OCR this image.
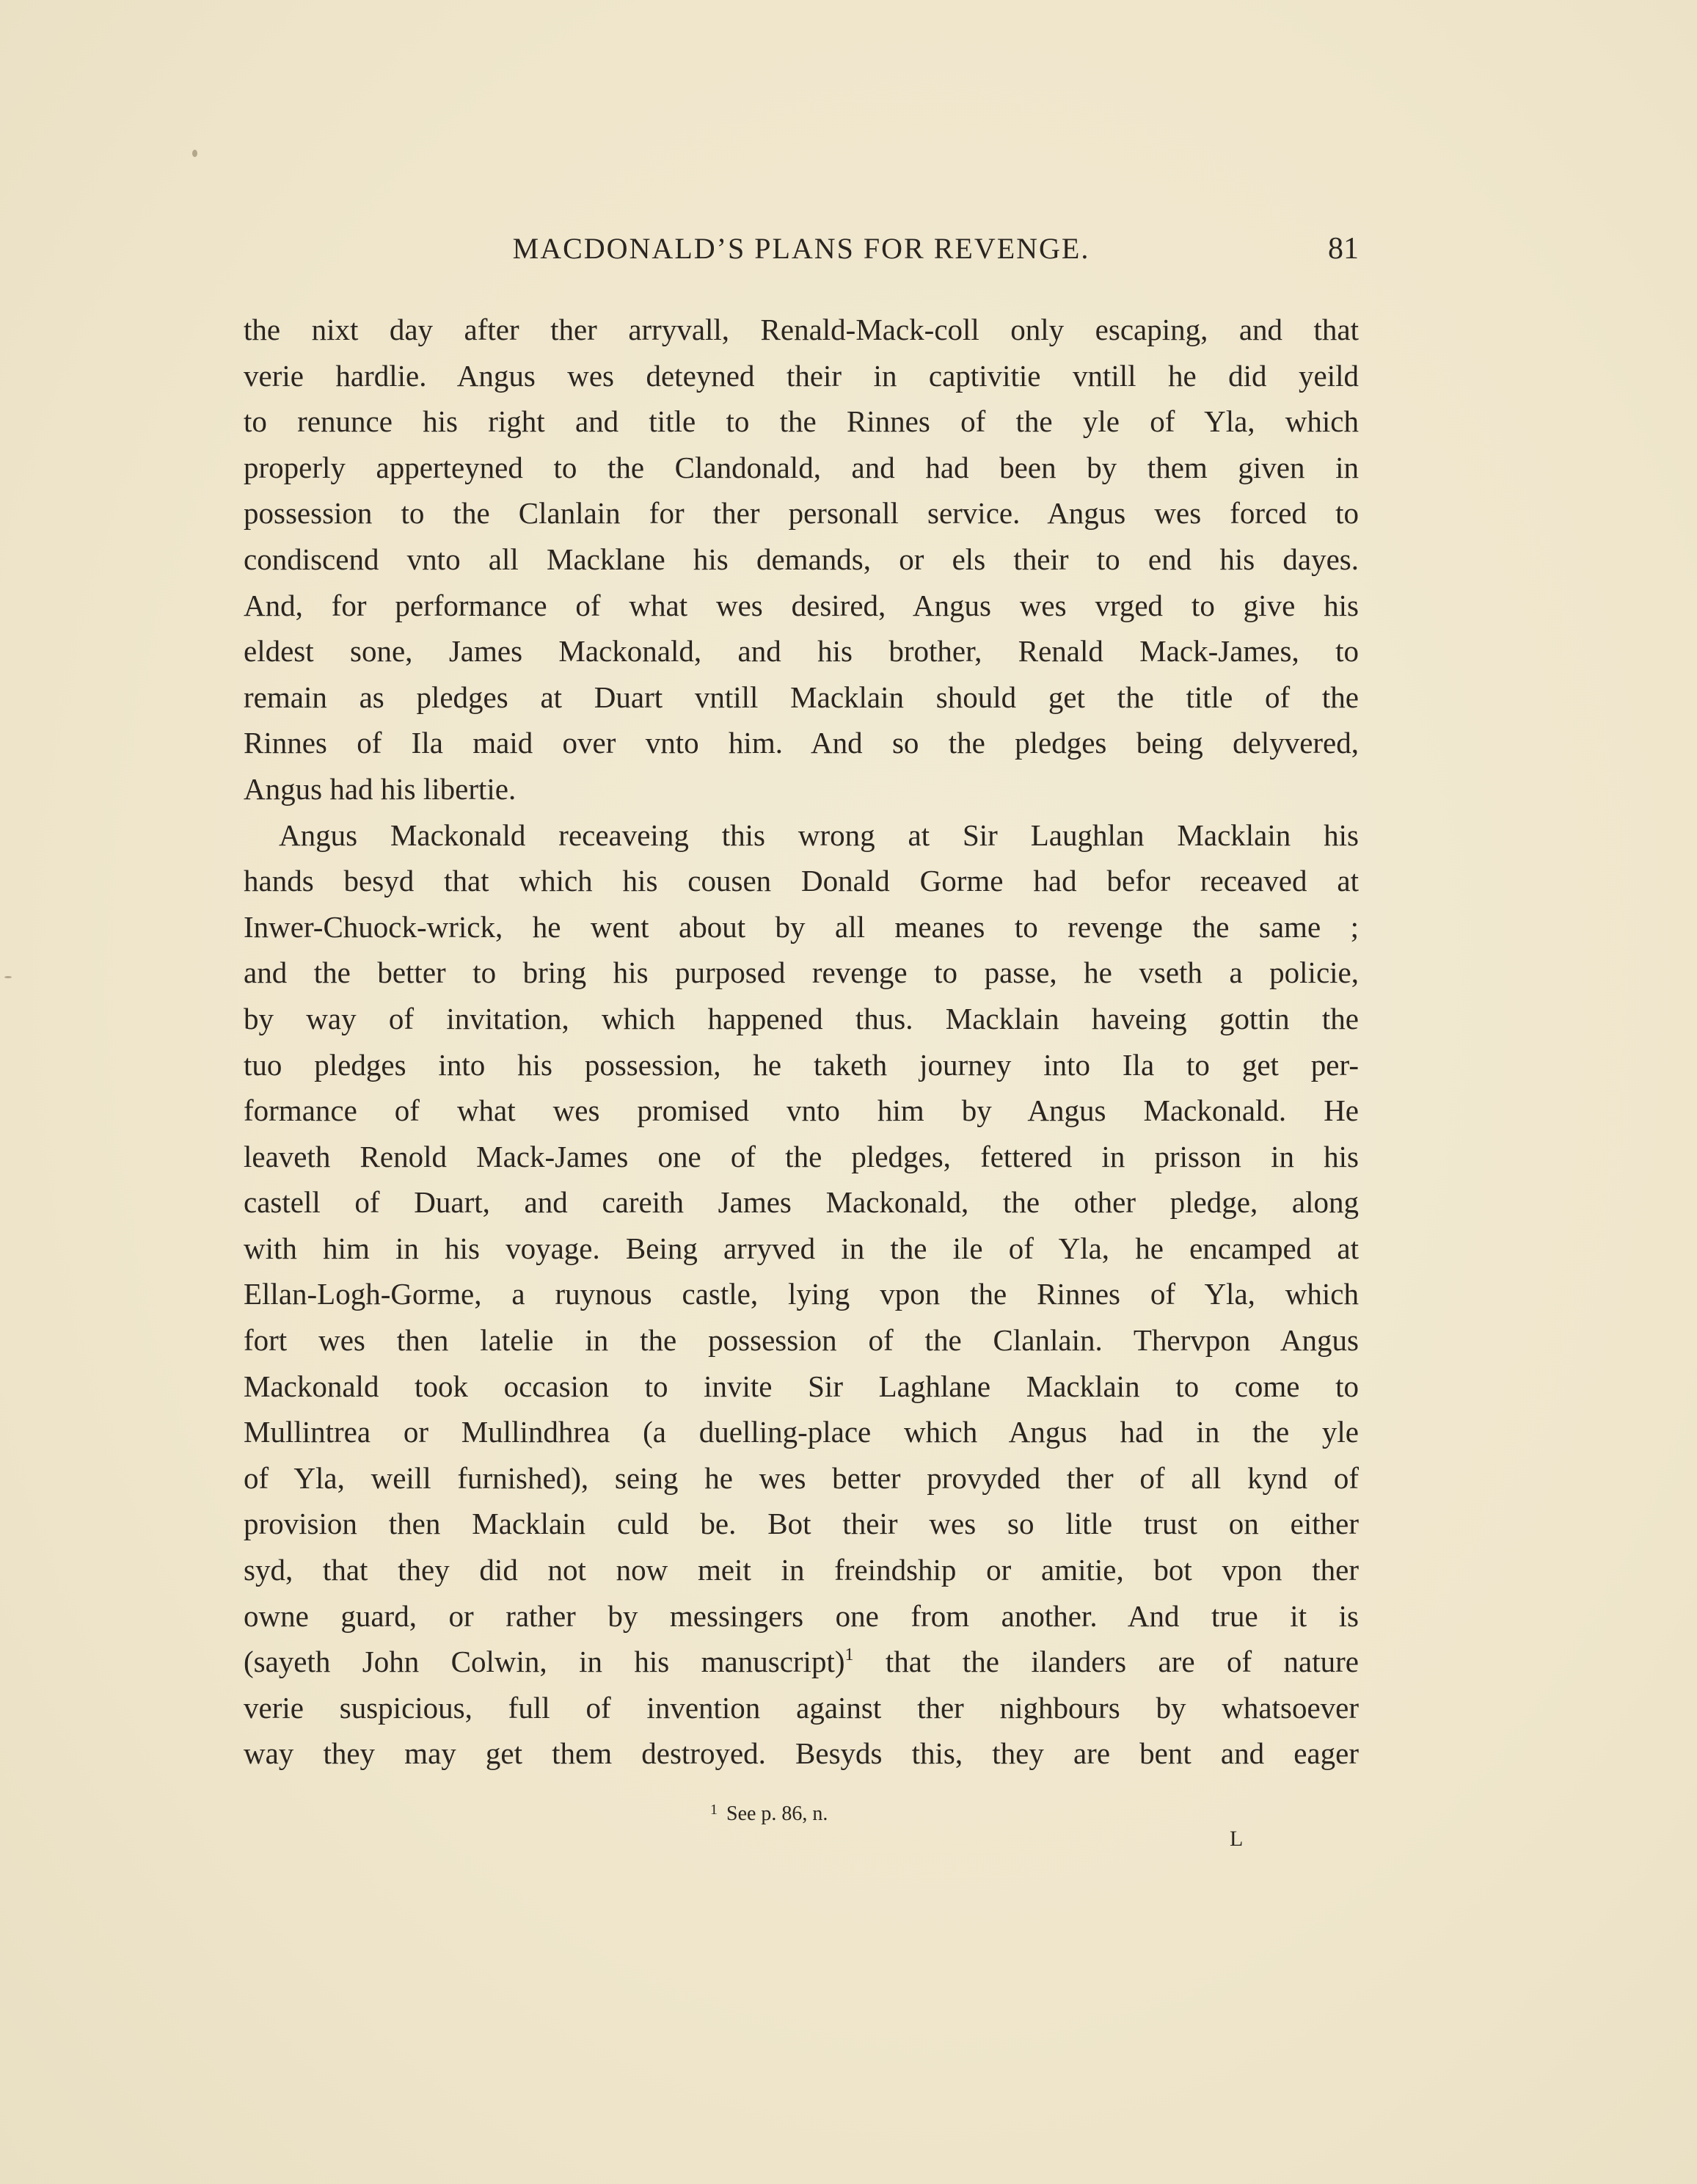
MACDONALD’S PLANS FOR REVENGE.	81
the nixt day after ther arryvall, Renald-Mack-coll only escaping, and that
verie hardlie. Angus wes deteyned their in captivitie vntill he did yeild
to renunce his right and title to the Rinnes of the yle of Yla, which
properly apperteyned to the Clandonald, and had been by them given in
possession to the Clanlain for ther personall service. Angus wes forced to
condiscend vnto all Macklane his demands, or els their to end his dayes.
And, for performance of what wes desired, Angus wes vrged to give his
eldest sone, James Mackonald, and his brother, Renald Mack-James, to
remain as pledges at Duart vntill Macklain should get the title of the
Rinnes of Ila maid over vnto him. And so the pledges being delyvered,
Angus had his libertie.
Angus Mackonald receaveing this wrong at Sir Laughlan Macklain his
hands besyd that which his cousen Donald Gorme had befor receaved at
Inwer-Chuock-wrick, he went about by all meanes to revenge the same ;
and the better to bring his purposed revenge to passe, he vseth a policie,
by way of invitation, which happened thus. Macklain haveing gottin the
tuo pledges into his possession, he taketh journey into Ila to get per-
formance of what wes promised vnto him by Angus Mackonald. He
leaveth Renold Mack-James one of the pledges, fettered in prisson in his
castell of Duart, and careith James Mackonald, the other pledge, along
with him in his voyage. Being arryved in the ile of Yla, he encamped at
Ellan-Logh-Gorme, a ruynous castle, lying vpon the Rinnes of Yla, which
fort wes then latelie in the possession of the Clanlain. Thervpon Angus
Mackonald took occasion to invite Sir Laghlane Macklain to come to
Mullintrea or Mullindhrea (a duelling-place which Angus had in the yle
of Yla, weill furnished), seing he wes better provyded ther of all kynd of
provision then Macklain culd be. Bot their wes so litle trust on either
syd, that they did not now meit in freindship or amitie, bot vpon ther
owne guard, or rather by messingers one from another. And true it is
(sayeth John Colwin, in his manuscript)$^1$ that the ilanders are of nature
verie suspicious, full of invention against ther nighbours by whatsoever
way they may get them destroyed. Besyds this, they are bent and eager
$^1$ See p. 86, n.
L
